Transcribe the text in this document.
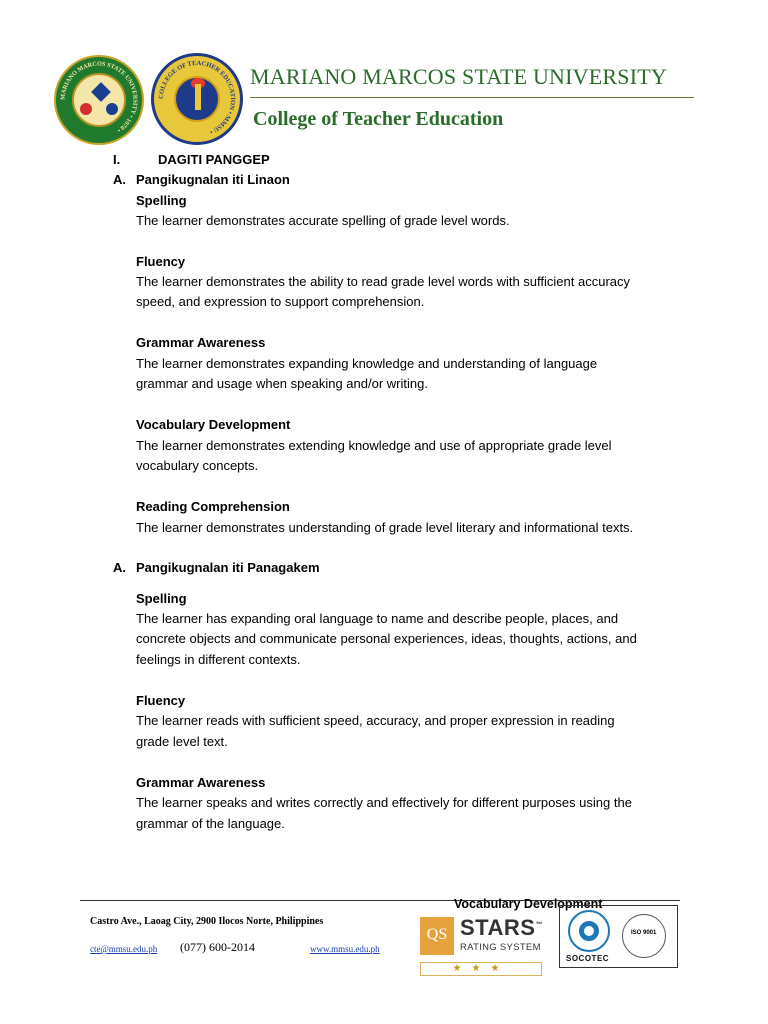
MARIANO MARCOS STATE UNIVERSITY • 1978 •
COLLEGE OF TEACHER EDUCATION • MMSU •
MARIANO MARCOS STATE UNIVERSITY
College of Teacher Education
I.	DAGITI PANGGEP
A. Pangikugnalan iti Linaon
Spelling
The learner demonstrates accurate spelling of grade level words.
Fluency
The learner demonstrates the ability to read grade level words with sufficient accuracy
speed, and expression to support comprehension.
Grammar Awareness
The learner demonstrates expanding knowledge and understanding of language
grammar and usage when speaking and/or writing.
Vocabulary Development
The learner demonstrates extending knowledge and use of appropriate grade level
vocabulary concepts.
Reading Comprehension
The learner demonstrates understanding of grade level literary and informational texts.
A. Pangikugnalan iti Panagakem
Spelling
The learner has expanding oral language to name and describe people, places, and
concrete objects and communicate personal experiences, ideas, thoughts, actions, and
feelings in different contexts.
Fluency
The learner reads with sufficient speed, accuracy, and proper expression in reading
grade level text.
Grammar Awareness
The learner speaks and writes correctly and effectively for different purposes using the
grammar of the language.
Vocabulary Development
Castro Ave., Laoag City, 2900 Ilocos Norte, Philippines
cte@mmsu.edu.ph (077) 600-2014	www.mmsu.edu.ph
QS STARS™
RATING SYSTEM
★★★
SOCOTEC
ISO 9001
